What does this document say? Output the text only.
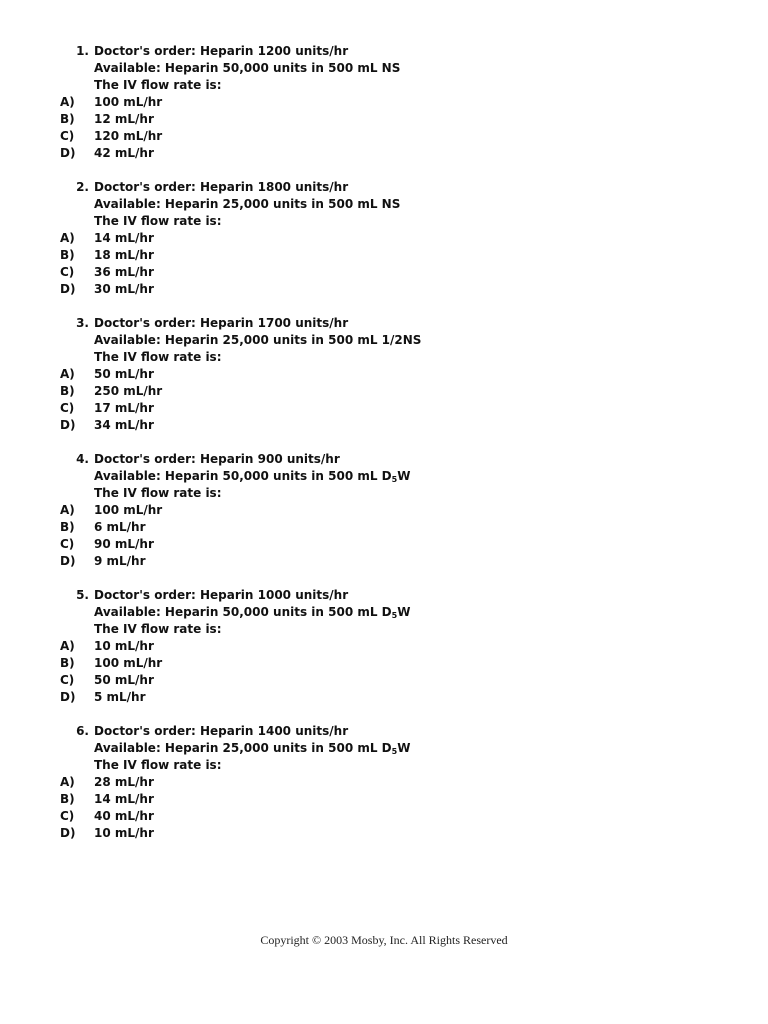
1. Doctor's order: Heparin 1200 units/hr
Available: Heparin 50,000 units in 500 mL NS
The IV flow rate is:
A)	100 mL/hr
B)	12 mL/hr
C)	120 mL/hr
D)	42 mL/hr
2. Doctor's order: Heparin 1800 units/hr
Available: Heparin 25,000 units in 500 mL NS
The IV flow rate is:
A)	14 mL/hr
B)	18 mL/hr
C)	36 mL/hr
D)	30 mL/hr
3. Doctor's order: Heparin 1700 units/hr
Available: Heparin 25,000 units in 500 mL 1/2NS
The IV flow rate is:
A)	50 mL/hr
B)	250 mL/hr
C)	17 mL/hr
D)	34 mL/hr
4. Doctor's order: Heparin 900 units/hr
Available: Heparin 50,000 units in 500 mL $D_5W$
The IV flow rate is:
A)	100 mL/hr
B)	6 mL/hr
C)	90 mL/hr
D)	9 mL/hr
5. Doctor's order: Heparin 1000 units/hr
Available: Heparin 50,000 units in 500 mL $D_5W$
The IV flow rate is:
A)	10 mL/hr
B)	100 mL/hr
C)	50 mL/hr
D)	5 mL/hr
6. Doctor's order: Heparin 1400 units/hr
Available: Heparin 25,000 units in 500 mL $D_5W$
The IV flow rate is:
A)	28 mL/hr
B)	14 mL/hr
C)	40 mL/hr
D)	10 mL/hr
Copyright © 2003 Mosby, Inc. All Rights Reserved
